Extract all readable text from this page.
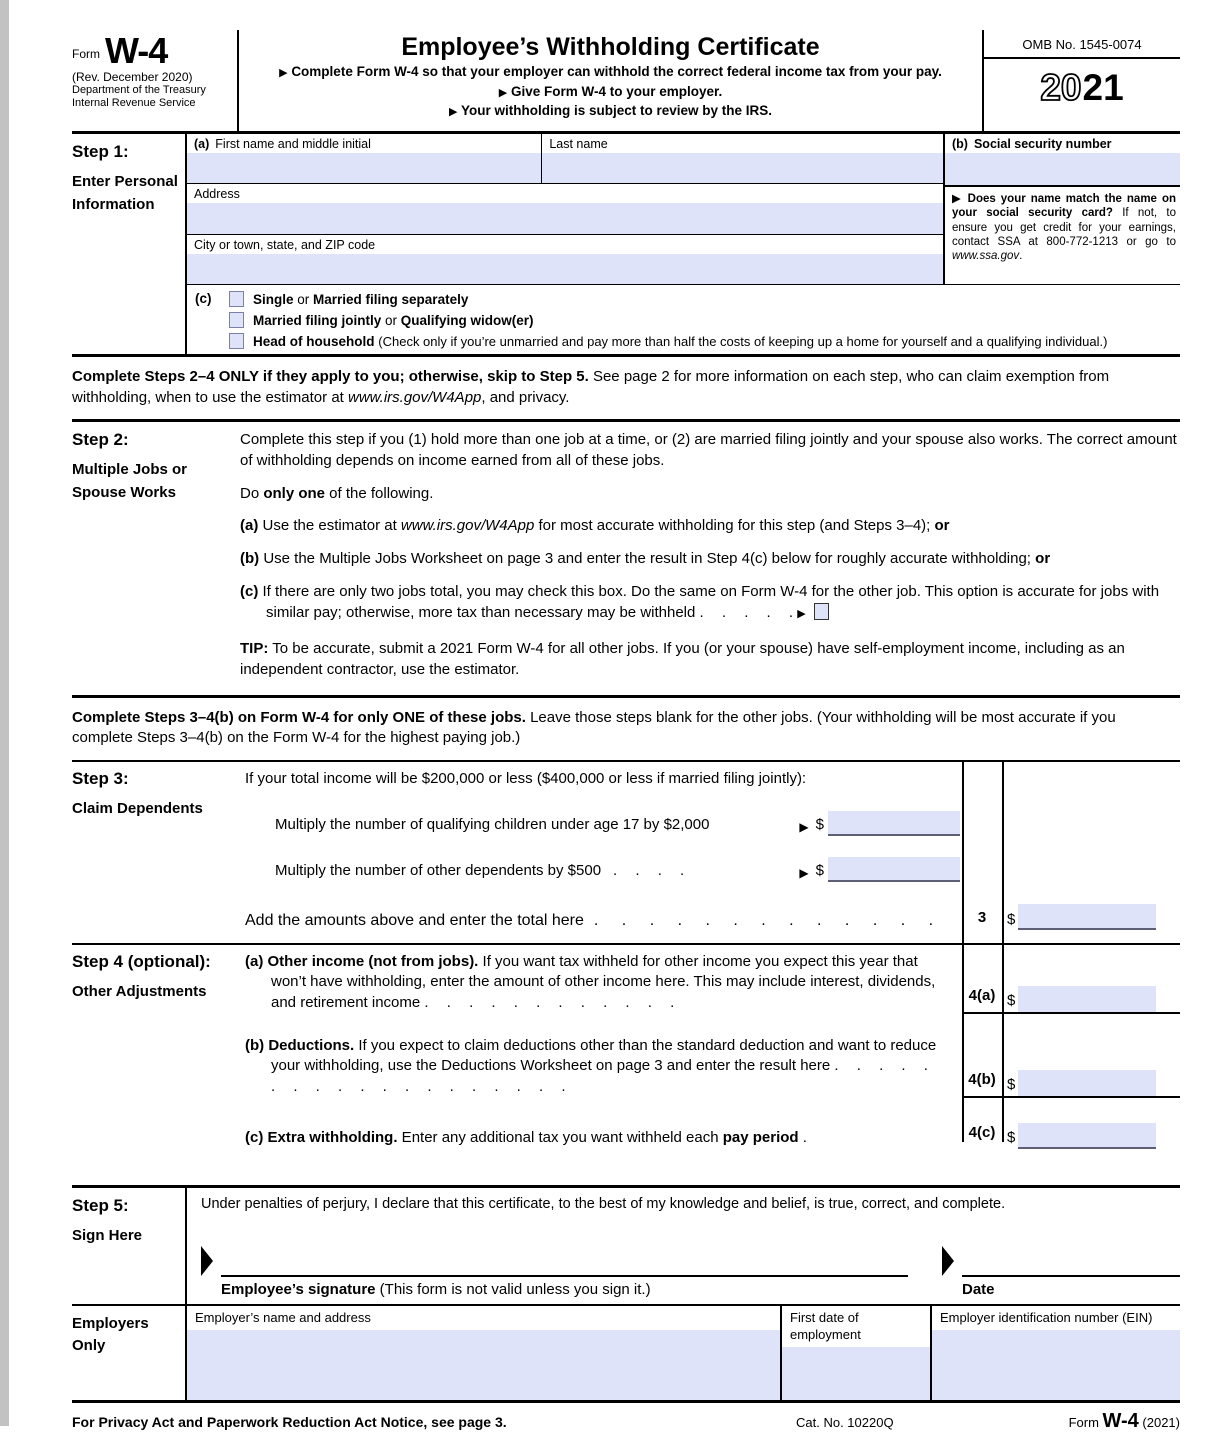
Form W-4
(Rev. December 2020)
Department of the Treasury
Internal Revenue Service
Employee’s Withholding Certificate
▶ Complete Form W-4 so that your employer can withhold the correct federal income tax from your pay.
▶ Give Form W-4 to your employer.
▶ Your withholding is subject to review by the IRS.
OMB No. 1545-0074
2021
Step 1:
Enter Personal Information
(a) First name and middle initial	Last name
Address
City or town, state, and ZIP code
(b) Social security number
▶ Does your name match the name on your social security card? If not, to ensure you get credit for your earnings, contact SSA at 800-772-1213 or go to www.ssa.gov.
(c)	Single or Married filing separately
Married filing jointly or Qualifying widow(er)
Head of household (Check only if you’re unmarried and pay more than half the costs of keeping up a home for yourself and a qualifying individual.)
Complete Steps 2–4 ONLY if they apply to you; otherwise, skip to Step 5. See page 2 for more information on each step, who can claim exemption from withholding, when to use the estimator at www.irs.gov/W4App, and privacy.
Step 2:
Multiple Jobs or Spouse Works
Complete this step if you (1) hold more than one job at a time, or (2) are married filing jointly and your spouse also works. The correct amount of withholding depends on income earned from all of these jobs.
Do only one of the following.
(a) Use the estimator at www.irs.gov/W4App for most accurate withholding for this step (and Steps 3–4); or
(b) Use the Multiple Jobs Worksheet on page 3 and enter the result in Step 4(c) below for roughly accurate withholding; or
(c) If there are only two jobs total, you may check this box. Do the same on Form W-4 for the other job. This option is accurate for jobs with similar pay; otherwise, more tax than necessary may be withheld . . . . . ▶
TIP: To be accurate, submit a 2021 Form W-4 for all other jobs. If you (or your spouse) have self-employment income, including as an independent contractor, use the estimator.
Complete Steps 3–4(b) on Form W-4 for only ONE of these jobs. Leave those steps blank for the other jobs. (Your withholding will be most accurate if you complete Steps 3–4(b) on the Form W-4 for the highest paying job.)
Step 3:
Claim Dependents
If your total income will be $200,000 or less ($400,000 or less if married filing jointly):
Multiply the number of qualifying children under age 17 by $2,000	▶ $
Multiply the number of other dependents by $500 . . . .	▶ $
Add the amounts above and enter the total here . . . . . . . . . . . . .	3	$
Step 4 (optional):
Other Adjustments
(a) Other income (not from jobs). If you want tax withheld for other income you expect this year that won’t have withholding, enter the amount of other income here. This may include interest, dividends, and retirement income . . . . . . . . . . . .	4(a) $
(b) Deductions. If you expect to claim deductions other than the standard deduction and want to reduce your withholding, use the Deductions Worksheet on page 3 and enter the result here . . . . . . . . . . . . . . . . . . .	4(b) $
(c) Extra withholding. Enter any additional tax you want withheld each pay period .	4(c) $
Step 5:
Sign Here
Under penalties of perjury, I declare that this certificate, to the best of my knowledge and belief, is true, correct, and complete.
Employee’s signature (This form is not valid unless you sign it.)	Date
Employers Only
Employer’s name and address	First date of employment
Employer identification number (EIN)
For Privacy Act and Paperwork Reduction Act Notice, see page 3.	Cat. No. 10220Q	Form W-4 (2021)
